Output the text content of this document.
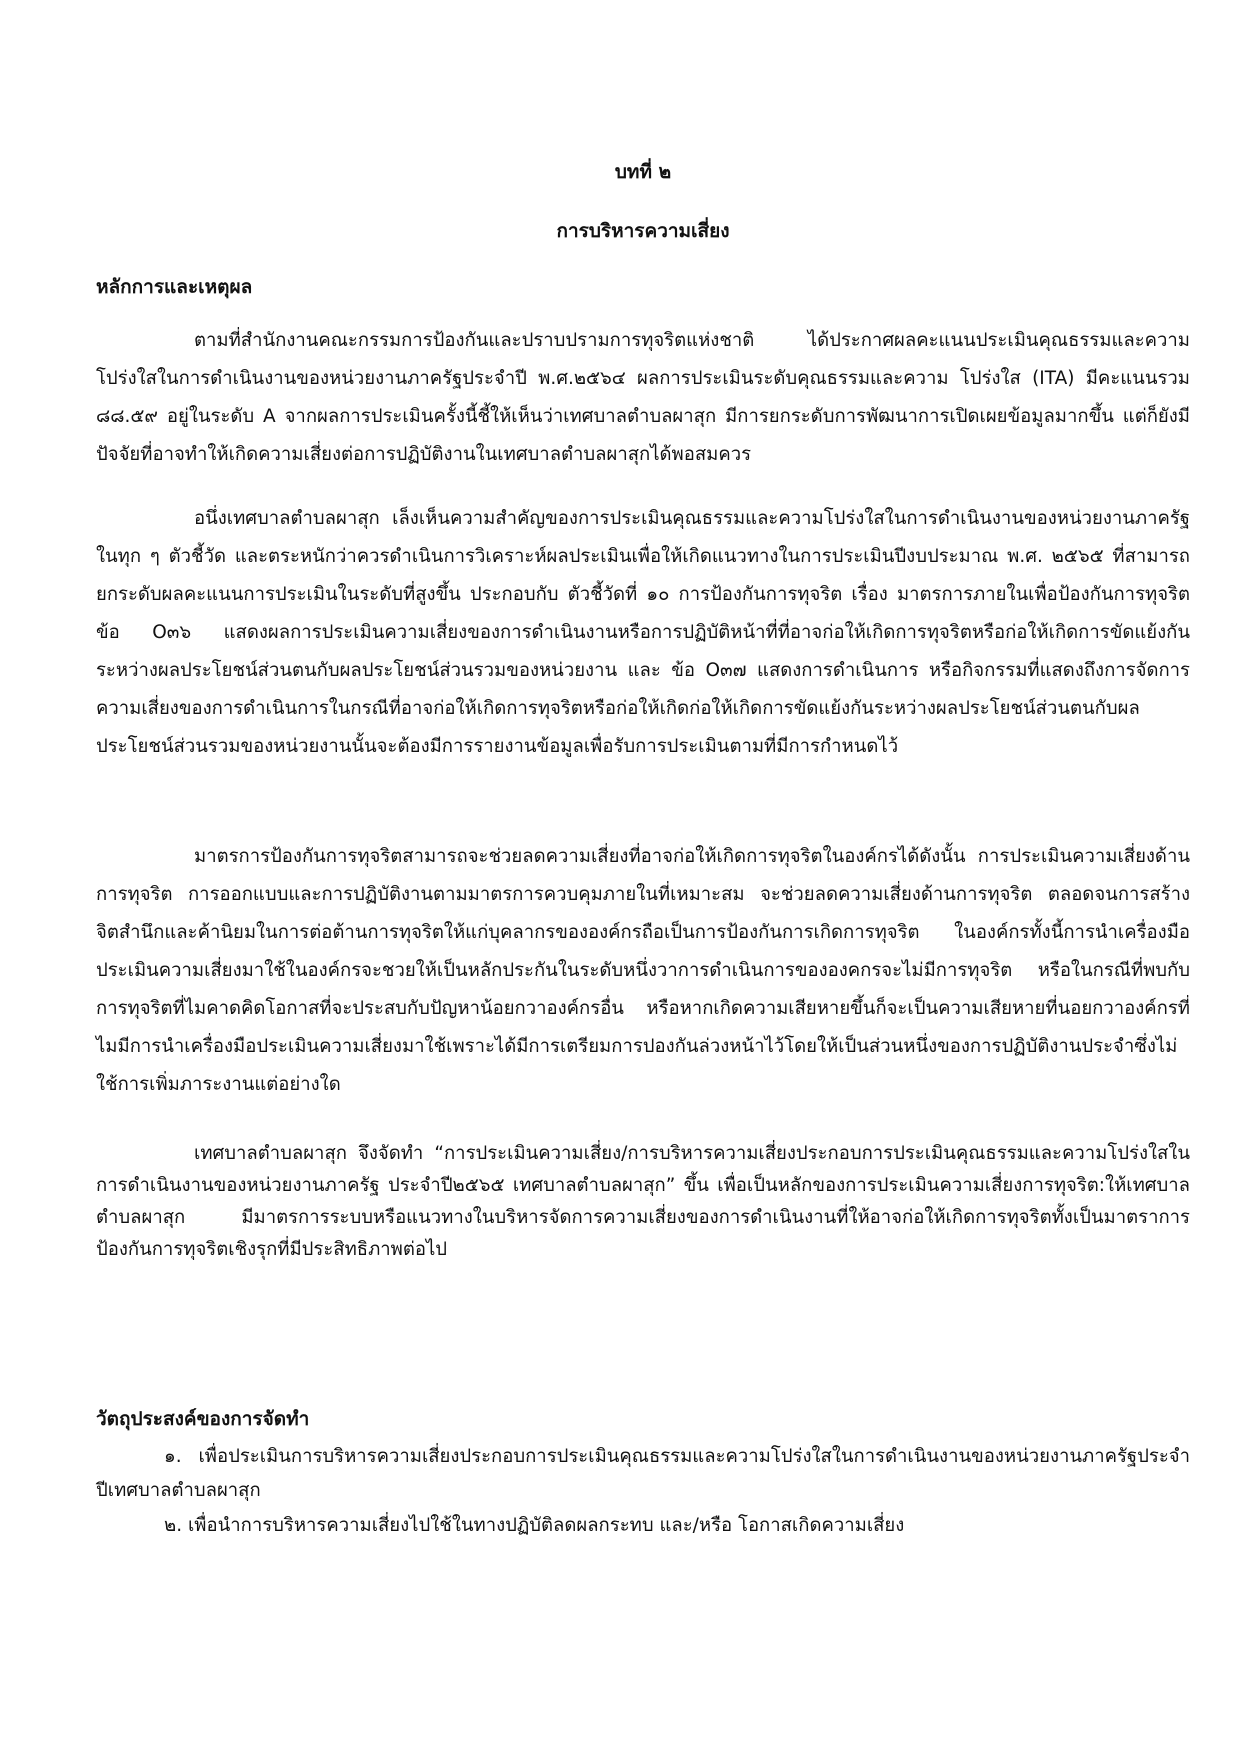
บทที่ ๒
การบริหารความเสี่ยง
หลักการและเหตุผล

ตามที่สำนักงานคณะกรรมการป้องกันและปราบปรามการทุจริตแห่งชาติ ได้ประกาศผลคะแนนประเมินคุณธรรมและความโปร่งใสในการดำเนินงานของหน่วยงานภาครัฐประจำปี พ.ศ.๒๕๖๔ ผลการประเมินระดับคุณธรรมและความ โปร่งใส (ITA) มีคะแนนรวม ๘๘.๕๙ อยู่ในระดับ A จากผลการประเมินครั้งนี้ชี้ให้เห็นว่าเทศบาลตำบลผาสุก มีการยกระดับการพัฒนาการเปิดเผยข้อมูลมากขึ้น แต่ก็ยังมีปัจจัยที่อาจทำให้เกิดความเสี่ยงต่อการปฏิบัติงานในเทศบาลตำบลผาสุกได้พอสมควร

อนึ่งเทศบาลตำบลผาสุก เล็งเห็นความสำคัญของการประเมินคุณธรรมและความโปร่งใสในการดำเนินงานของหน่วยงานภาครัฐ ในทุก ๆ ตัวชี้วัด และตระหนักว่าควรดำเนินการวิเคราะห์ผลประเมินเพื่อให้เกิดแนวทางในการประเมินปีงบประมาณ พ.ศ. ๒๕๖๕ ที่สามารถยกระดับผลคะแนนการประเมินในระดับที่สูงขึ้น ประกอบกับ ตัวชี้วัดที่ ๑๐ การป้องกันการทุจริต เรื่อง มาตรการภายในเพื่อป้องกันการทุจริต ข้อ O๓๖ แสดงผลการประเมินความเสี่ยงของการดำเนินงานหรือการปฏิบัติหน้าที่ที่อาจก่อให้เกิดการทุจริตหรือก่อให้เกิดการขัดแย้งกันระหว่างผลประโยชน์ส่วนตนกับผลประโยชน์ส่วนรวมของหน่วยงาน และ ข้อ O๓๗ แสดงการดำเนินการ หรือกิจกรรมที่แสดงถึงการจัดการความเสี่ยงของการดำเนินการในกรณีที่อาจก่อให้เกิดการทุจริตหรือก่อให้เกิดก่อให้เกิดการขัดแย้งกันระหว่างผลประโยชน์ส่วนตนกับผลประโยชน์ส่วนรวมของหน่วยงานนั้นจะต้องมีการรายงานข้อมูลเพื่อรับการประเมินตามที่มีการกำหนดไว้

มาตรการป้องกันการทุจริตสามารถจะช่วยลดความเสี่ยงที่อาจก่อให้เกิดการทุจริตในองค์กรได้ดังนั้น การประเมินความเสี่ยงด้านการทุจริต การออกแบบและการปฏิบัติงานตามมาตรการควบคุมภายในที่เหมาะสม จะช่วยลดความเสี่ยงด้านการทุจริต ตลอดจนการสร้างจิตสำนึกและค้านิยมในการต่อต้านการทุจริตให้แก่บุคลากรขององค์กรถือเป็นการป้องกันการเกิดการทุจริต ในองค์กรทั้งนี้การนำเครื่องมือประเมินความเสี่ยงมาใช้ในองค์กรจะชวยให้เป็นหลักประกันในระดับหนึ่งวาการดำเนินการขององคกรจะไม่มีการทุจริต หรือในกรณีที่พบกับการทุจริตที่ไมคาดคิดโอกาสที่จะประสบกับปัญหาน้อยกวาองค์กรอื่น หรือหากเกิดความเสียหายขึ้นก็จะเป็นความเสียหายที่นอยกวาองค์กรที่ไมมีการนำเครื่องมือประเมินความเสี่ยงมาใช้เพราะได้มีการเตรียมการปองกันล่วงหน้าไว้โดยให้เป็นส่วนหนึ่งของการปฏิบัติงานประจำซึ่งไม่ใช้การเพิ่มภาระงานแต่อย่างใด

เทศบาลตำบลผาสุก จึงจัดทำ “การประเมินความเสี่ยง/การบริหารความเสี่ยงประกอบการประเมินคุณธรรมและความโปร่งใสในการดำเนินงานของหน่วยงานภาครัฐ ประจำปี๒๕๖๕ เทศบาลตำบลผาสุก” ขึ้น เพื่อเป็นหลักของการประเมินความเสี่ยงการทุจริต:ให้เทศบาลตำบลผาสุก มีมาตรการระบบหรือแนวทางในบริหารจัดการความเสี่ยงของการดำเนินงานที่ให้อาจก่อให้เกิดการทุจริตทั้งเป็นมาตราการป้องกันการทุจริตเชิงรุกที่มีประสิทธิภาพต่อไป

วัตถุประสงค์ของการจัดทำ

๑. เพื่อประเมินการบริหารความเสี่ยงประกอบการประเมินคุณธรรมและความโปร่งใสในการดำเนินงานของหน่วยงานภาครัฐประจำปีเทศบาลตำบลผาสุก

๒. เพื่อนำการบริหารความเสี่ยงไปใช้ในทางปฏิบัติลดผลกระทบ และ/หรือ โอกาสเกิดความเสี่ยง
